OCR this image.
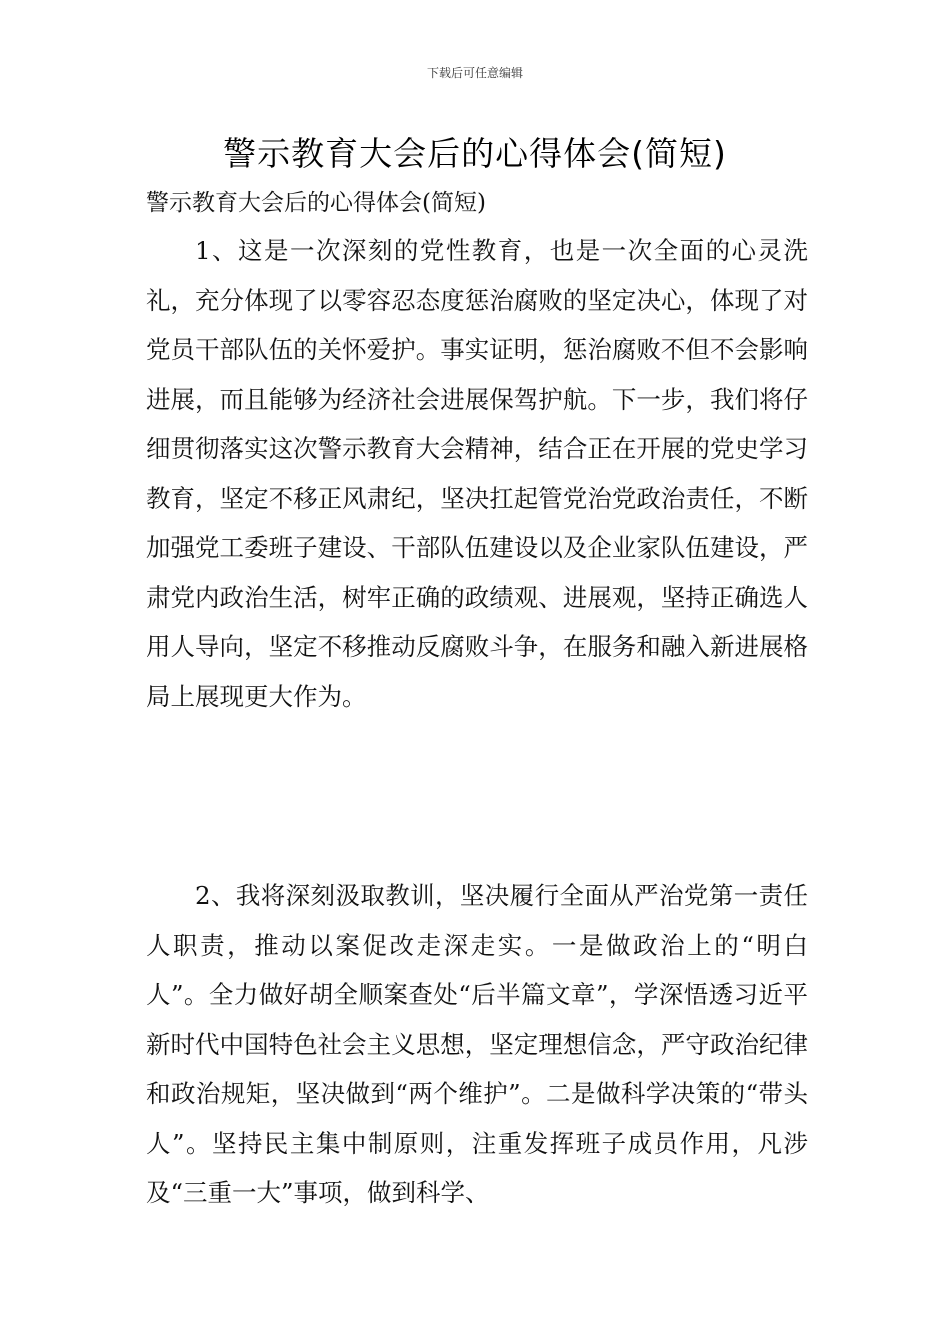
下载后可任意编辑
警示教育大会后的心得体会(简短)
警示教育大会后的心得体会(简短)

1、这是一次深刻的党性教育，也是一次全面的心灵洗礼，充分体现了以零容忍态度惩治腐败的坚定决心，体现了对党员干部队伍的关怀爱护。事实证明，惩治腐败不但不会影响进展，而且能够为经济社会进展保驾护航。下一步，我们将仔细贯彻落实这次警示教育大会精神，结合正在开展的党史学习教育，坚定不移正风肃纪，坚决扛起管党治党政治责任，不断加强党工委班子建设、干部队伍建设以及企业家队伍建设，严肃党内政治生活，树牢正确的政绩观、进展观，坚持正确选人用人导向，坚定不移推动反腐败斗争，在服务和融入新进展格局上展现更大作为。

2、我将深刻汲取教训，坚决履行全面从严治党第一责任人职责，推动以案促改走深走实。一是做政治上的“明白人”。全力做好胡全顺案查处“后半篇文章”，学深悟透习近平新时代中国特色社会主义思想，坚定理想信念，严守政治纪律和政治规矩，坚决做到“两个维护”。二是做科学决策的“带头人”。坚持民主集中制原则，注重发挥班子成员作用，凡涉及“三重一大”事项，做到科学、
